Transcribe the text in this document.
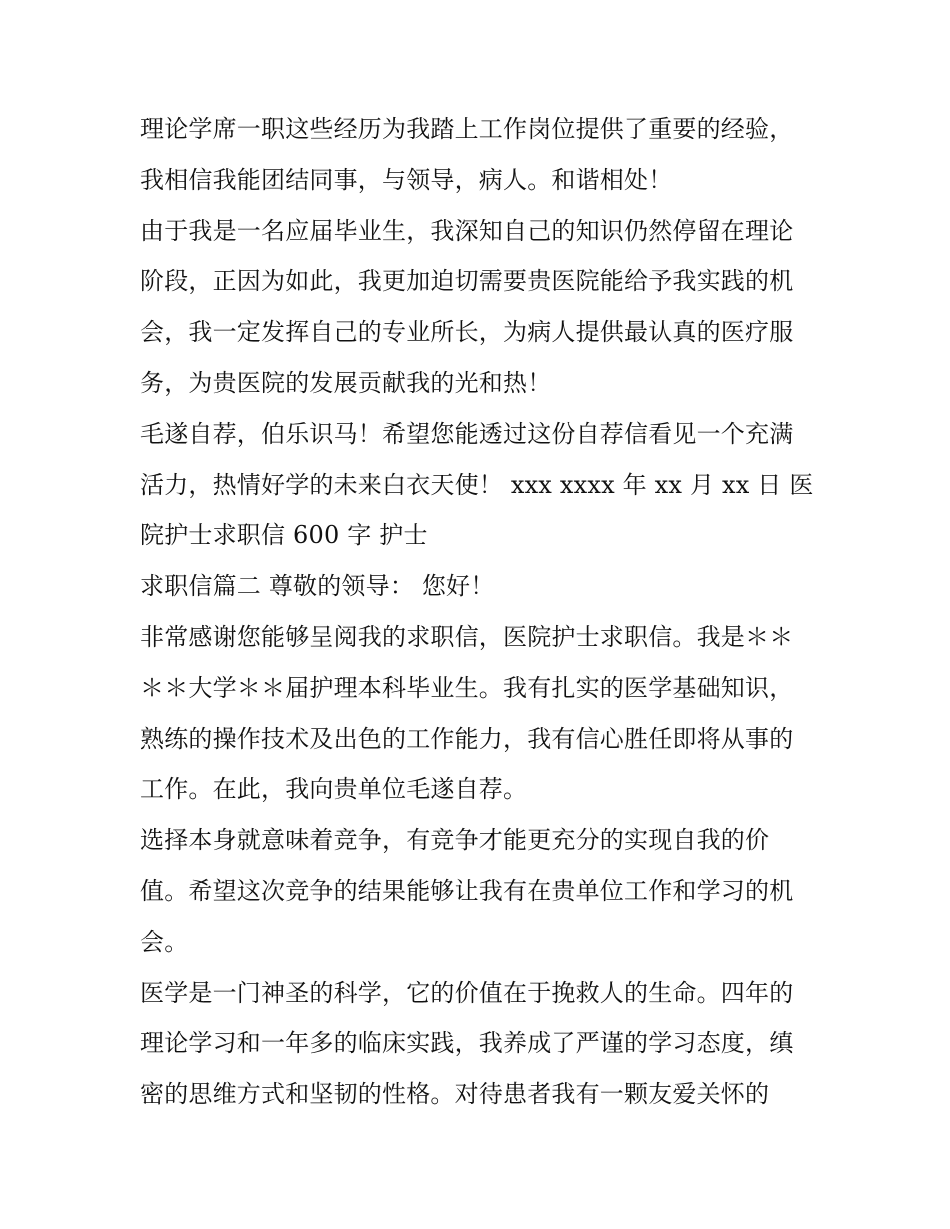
理论学席一职这些经历为我踏上工作岗位提供了重要的经验，
我相信我能团结同事，与领导，病人。和谐相处！
由于我是一名应届毕业生，我深知自己的知识仍然停留在理论
阶段，正因为如此，我更加迫切需要贵医院能给予我实践的机
会，我一定发挥自己的专业所长，为病人提供最认真的医疗服
务，为贵医院的发展贡献我的光和热！
毛遂自荐，伯乐识马！希望您能透过这份自荐信看见一个充满
活力，热情好学的未来白衣天使！ xxx xxxx 年 xx 月 xx 日 医
院护士求职信 600 字 护士
求职信篇二 尊敬的领导： 您好！
非常感谢您能够呈阅我的求职信，医院护士求职信。我是＊＊
＊＊大学＊＊届护理本科毕业生。我有扎实的医学基础知识，
熟练的操作技术及出色的工作能力，我有信心胜任即将从事的
工作。在此，我向贵单位毛遂自荐。
选择本身就意味着竞争，有竞争才能更充分的实现自我的价
值。希望这次竞争的结果能够让我有在贵单位工作和学习的机
会。
医学是一门神圣的科学，它的价值在于挽救人的生命。四年的
理论学习和一年多的临床实践，我养成了严谨的学习态度，缜
密的思维方式和坚韧的性格。对待患者我有一颗友爱关怀的
